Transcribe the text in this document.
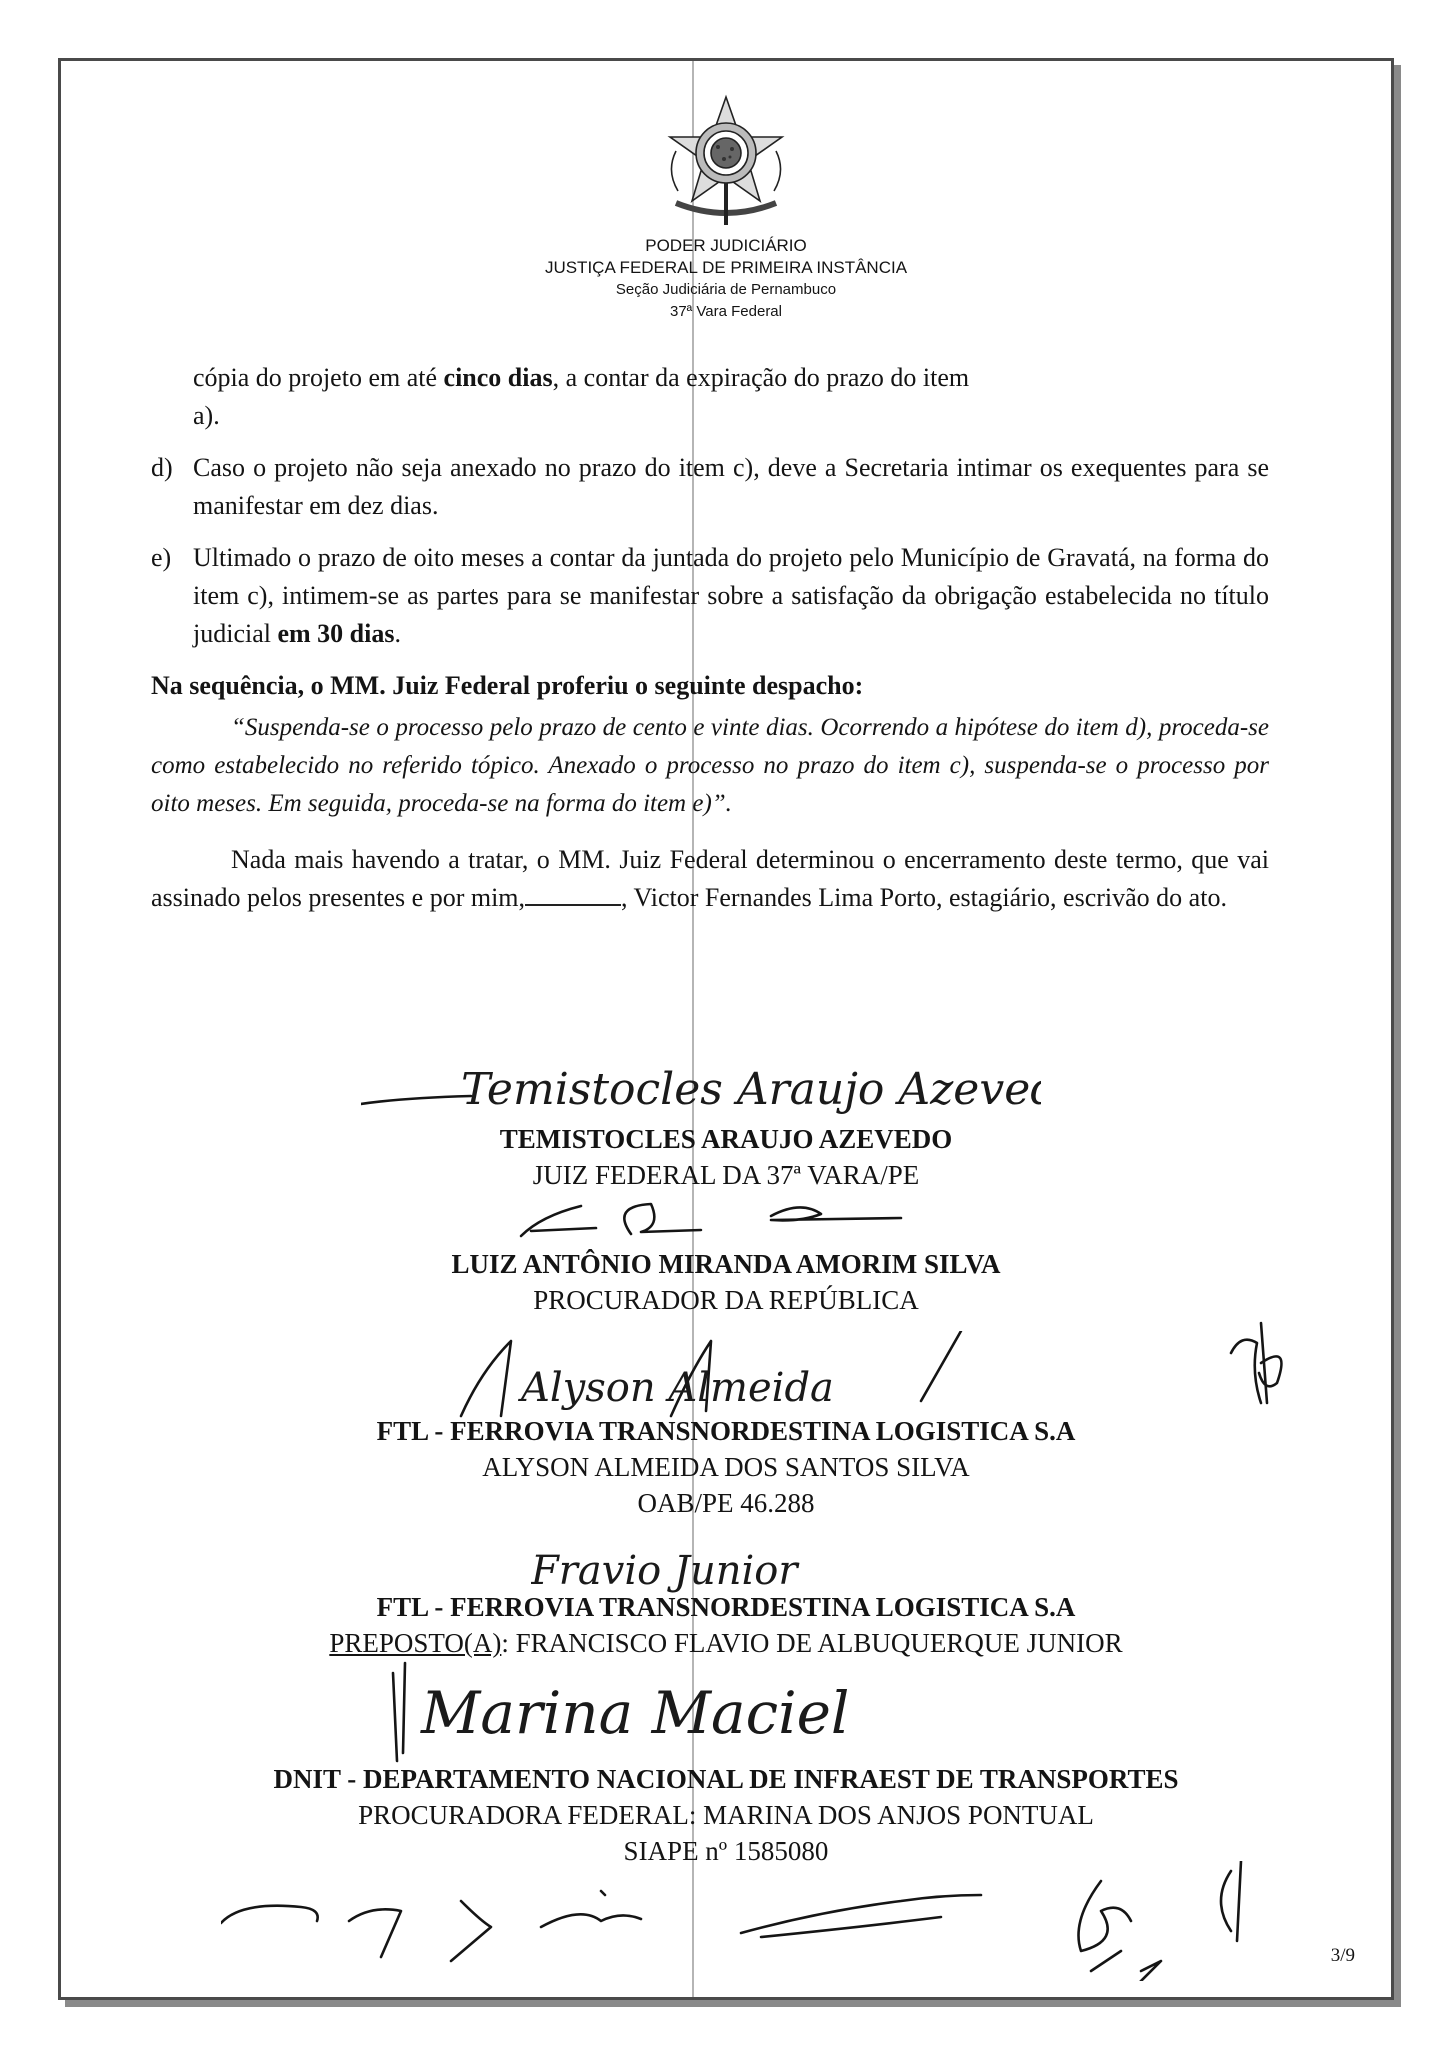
PODER JUDICIÁRIO
JUSTIÇA FEDERAL DE PRIMEIRA INSTÂNCIA
Seção Judiciária de Pernambuco
37ª Vara Federal
cópia do projeto em até cinco dias, a contar da expiração do prazo do item
a).
d) Caso o projeto não seja anexado no prazo do item c), deve a Secretaria intimar os exequentes para se manifestar em dez dias.
e) Ultimado o prazo de oito meses a contar da juntada do projeto pelo Município de Gravatá, na forma do item c), intimem-se as partes para se manifestar sobre a satisfação da obrigação estabelecida no título judicial em 30 dias.
Na sequência, o MM. Juiz Federal proferiu o seguinte despacho:
“Suspenda-se o processo pelo prazo de cento e vinte dias. Ocorrendo a hipótese do item d), proceda-se como estabelecido no referido tópico. Anexado o processo no prazo do item c), suspenda-se o processo por oito meses. Em seguida, proceda-se na forma do item e)”.
Nada mais havendo a tratar, o MM. Juiz Federal determinou o encerramento deste termo, que vai assinado pelos presentes e por mim,	, Victor Fernandes Lima Porto, estagiário, escrivão do ato.
Temistocles Araujo Azevedo
TEMISTOCLES ARAUJO AZEVEDO
JUIZ FEDERAL DA 37ª VARA/PE
LUIZ ANTÔNIO MIRANDA AMORIM SILVA
PROCURADOR DA REPÚBLICA
Alyson Almeida
FTL - FERROVIA TRANSNORDESTINA LOGISTICA S.A
ALYSON ALMEIDA DOS SANTOS SILVA
OAB/PE 46.288
Fravio Junior
FTL - FERROVIA TRANSNORDESTINA LOGISTICA S.A
PREPOSTO(A): FRANCISCO FLAVIO DE ALBUQUERQUE JUNIOR
Marina Maciel
DNIT - DEPARTAMENTO NACIONAL DE INFRAEST DE TRANSPORTES
PROCURADORA FEDERAL: MARINA DOS ANJOS PONTUAL
SIAPE nº 1585080
3/9
